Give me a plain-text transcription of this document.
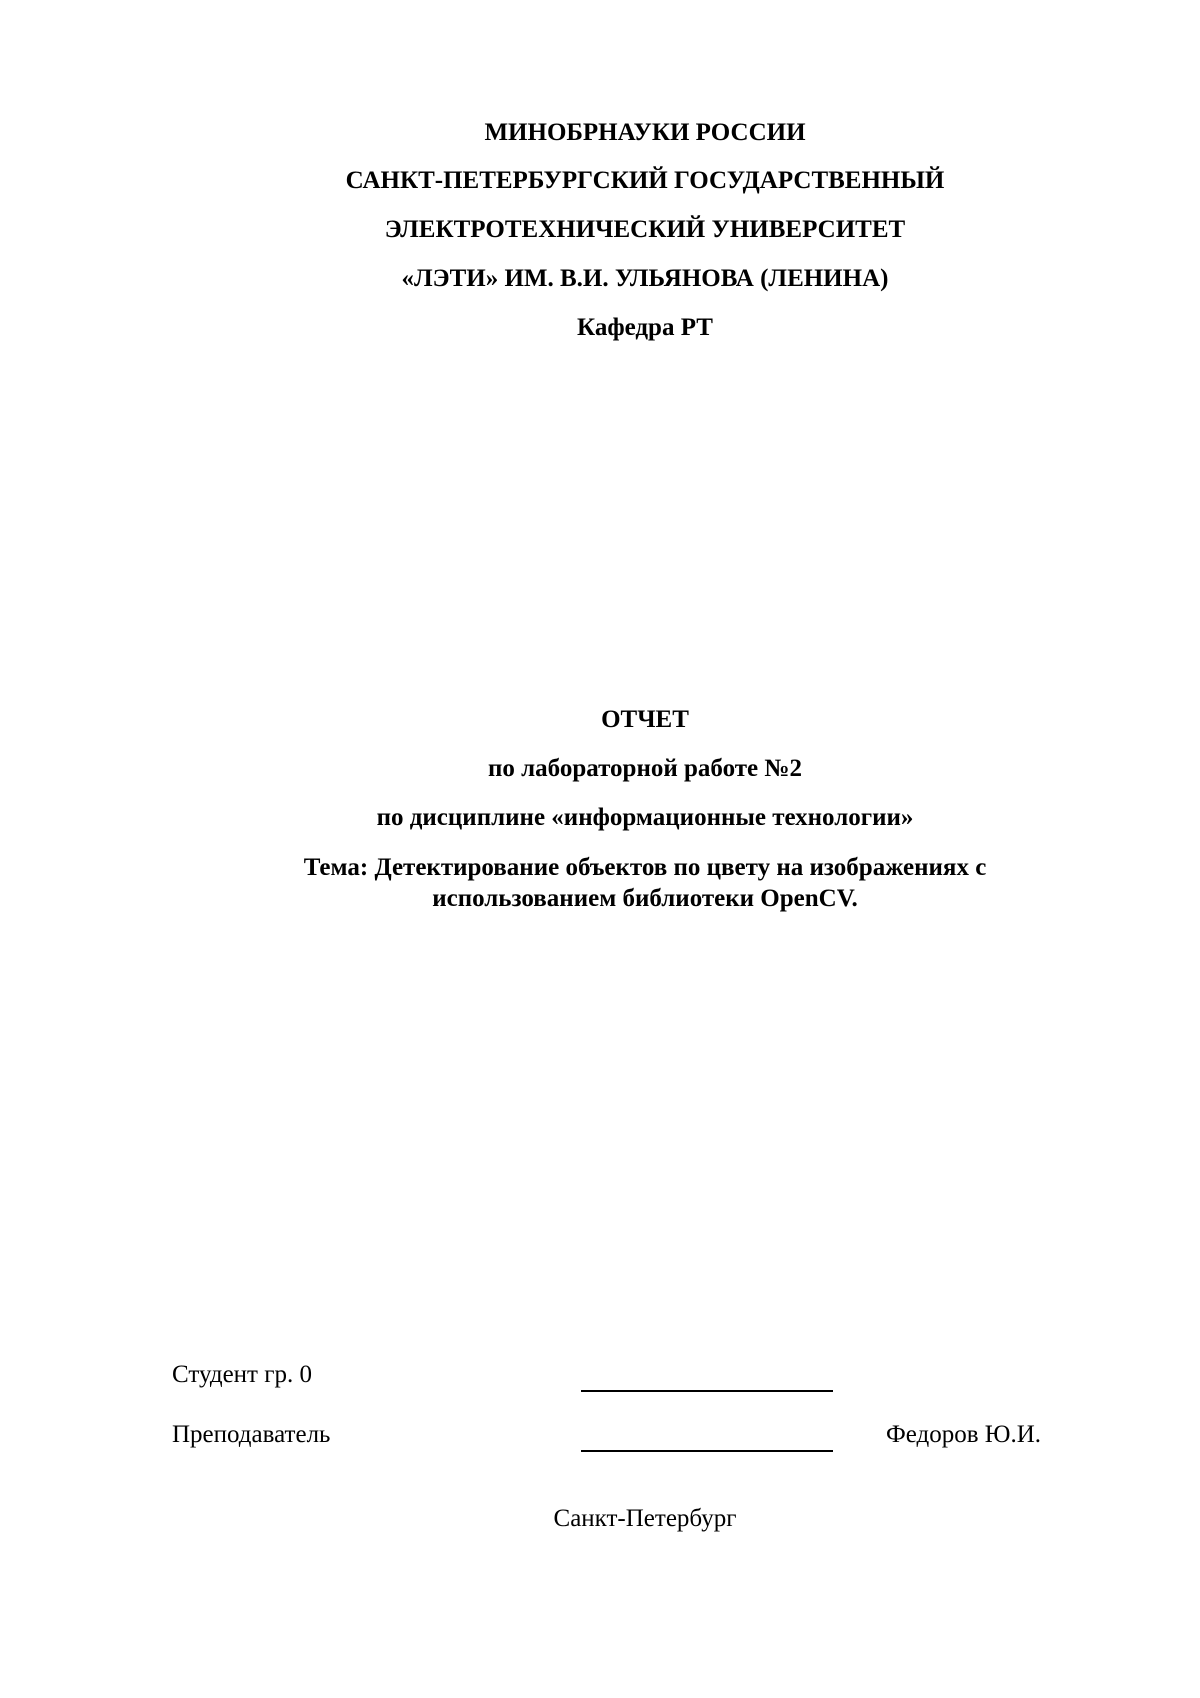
МИНОБРНАУКИ РОССИИ
САНКТ-ПЕТЕРБУРГСКИЙ ГОСУДАРСТВЕННЫЙ
ЭЛЕКТРОТЕХНИЧЕСКИЙ УНИВЕРСИТЕТ
«ЛЭТИ» ИМ. В.И. УЛЬЯНОВА (ЛЕНИНА)
Кафедра РТ
ОТЧЕТ
по лабораторной работе №2
по дисциплине «информационные технологии»
Тема: Детектирование объектов по цвету на изображениях с использованием библиотеки OpenCV.
Студент гр. 0
Преподаватель	Федоров Ю.И.
Санкт-Петербург
